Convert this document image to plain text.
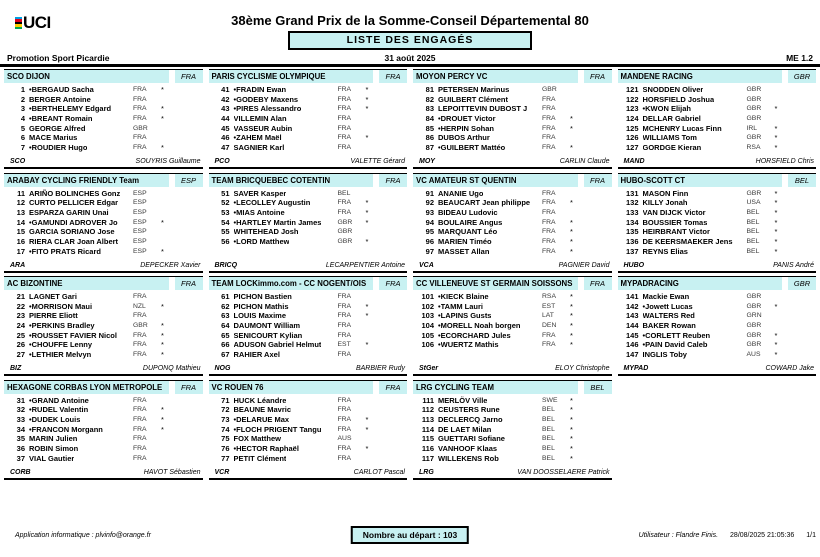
UCI	38ème Grand Prix de la Somme-Conseil Départemental 80
LISTE DES ENGAGÉS
Promotion Sport Picardie	31 août 2025	ME 1.2
SCO DIJON	FRA
1 • BERGAUD Sacha	FRA *
2 BERGER Antoine	FRA
3 • BERTHELEMY Edgard	FRA *
4 • BREANT Romain	FRA *
5 GEORGE Alfred	GBR
6 MACE Marius	FRA
7 • ROUDIER Hugo	FRA *
SCO	SOUYRIS Guillaume
ARABAY CYCLING FRIENDLY Team	ESP
11 ARIÑO BOLINCHES Gonz ESP
12 CURTO PELLICER Edgar ESP
13 ESPARZA GARIN Unai	ESP
14 • GAMUNDI ADROVER Jo ESP *
15 GARCIA SORIANO Jose	ESP
16 RIERA CLAR Joan Albert ESP
17 • FITO PRATS Ricard	ESP *
ARA	DEPECKER Xavier
AC BIZONTINE	FRA
21 LAGNET Gari	FRA
22 • MORRISON Maui	NZL *
23 PIERRE Eliott	FRA
24 • PERKINS Bradley	GBR *
25 • ROUSSET FAVIER Nicol FRA *
26 • CHOUFFE Lenny	FRA *
27 • LETHIER Melvyn	FRA *
BIZ	DUPONQ Mathieu
HEXAGONE CORBAS LYON METROPOLE	FRA
31 • GRAND Antoine	FRA
32 • RUDEL Valentin	FRA *
33 • DUDEK Louis	FRA *
34 • FRANCON Morgann	FRA *
35 MARIN Julien	FRA
36 ROBIN Simon	FRA
37 VIAL Gautier	FRA
CORB	HAVOT Sébastien
PARIS CYCLISME OLYMPIQUE	FRA
41 • FRADIN Ewan	FRA *
42 • GODEBY Maxens	FRA *
43 • PIRES Alessandro	FRA *
44 VILLEMIN Alan	FRA
45 VASSEUR Aubin	FRA
46 • ZAHEM Maël	FRA *
47 SAGNIER Karl	FRA
PCO	VALETTE Gérard
TEAM BRICQUEBEC COTENTIN	FRA
51 SAVER Kasper	BEL
52 • LECOLLEY Augustin	FRA *
53 • MIAS Antoine	FRA *
54 • HARTLEY Martin James GBR *
55 WHITEHEAD Josh	GBR
56 • LORD Matthew	GBR *
BRICQ	LECARPENTIER Antoine
TEAM LOCKimmo.com - CC NOGENT/OIS	FRA
61 PICHON Bastien	FRA
62 PICHON Mathis	FRA *
63 LOUIS Maxime	FRA *
64 DAUMONT William	FRA
65 SENICOURT Kylian	FRA
66 ADUSON Gabriel Helmut EST *
67 RAHIER Axel	FRA
NOG	BARBIER Rudy
VC ROUEN 76	FRA
71 HUCK Léandre	FRA
72 BEAUNE Mavric	FRA
73 • DELARUE Max	FRA *
74 • FLOCH PRIGENT Tangu FRA *
75 FOX Matthew	AUS
76 • HECTOR Raphaël	FRA *
77 PETIT Clément	FRA
VCR	CARLOT Pascal
MOYON PERCY VC	FRA
81 PETERSEN Marinus	GBR
82 GUILBERT Clément	FRA
83 LEPOITTEVIN DUBOST J FRA
84 • DROUET Victor	FRA *
85 • HERPIN Sohan	FRA *
86 DUBOS Arthur	FRA
87 • GUILBERT Mattéo	FRA *
MOY	CARLIN Claude
VC AMATEUR ST QUENTIN	FRA
91 ANANIE Ugo	FRA
92 BEAUCART Jean philippe FRA *
93 BIDEAU Ludovic	FRA
94 BOULAIRE Angus	FRA *
95 MARQUANT Léo	FRA *
96 MARIEN Timéo	FRA *
97 MASSET Allan	FRA *
VCA	PAGNIER David
CC VILLENEUVE ST GERMAIN SOISSONS	FRA
101 • KIECK Blaine	RSA *
102 • TAMM Lauri	EST *
103 • LAPINS Gusts	LAT *
104 • MORELL Noah borgen	DEN *
105 • ECORCHARD Jules	FRA *
106 • WUERTZ Mathis	FRA *
StGer	ELOY Christophe
LRG CYCLING TEAM	BEL
111 MERLÖV Ville	SWE *
112 CEUSTERS Rune	BEL *
113 DECLERCQ Jarno	BEL *
114 DE LAET Milan	BEL *
115 GUETTARI Sofiane	BEL *
116 VANHOOF Klaas	BEL *
117 WILLEKENS Rob	BEL *
LRG	VAN DOOSSELAERE Patrick
MANDENE RACING	GBR
121 SNODDEN Oliver	GBR
122 HORSFIELD Joshua	GBR
123 • KWON Elijah	GBR *
124 DELLAR Gabriel	GBR
125 MCHENRY Lucas Finn	IRL *
126 WILLIAMS Tom	GBR *
127 GORDGE Kieran	RSA *
MAND	HORSFIELD Chris
HUBO-SCOTT CT	BEL
131 MASON Finn	GBR *
132 KILLY Jonah	USA *
133 VAN DIJCK Victor	BEL *
134 BOUSSIER Tomas	BEL *
135 HEIRBRANT Victor	BEL *
136 DE KEERSMAEKER Jens BEL *
137 REYNS Elias	BEL *
HUBO	PANIS André
MYPADRACING	GBR
141 Mackie Ewan	GBR
142 • Jowett Lucas	GBR *
143 WALTERS Red	GRN
144 BAKER Rowan	GBR
145 • CORLETT Reuben	GBR *
146 • PAIN David Caleb	GBR *
147 INGLIS Toby	AUS *
MYPAD	COWARD Jake
Application informatique : plvinfo@orange.fr	Nombre au départ : 103	Utilisateur : Flandre Finis. 28/08/2025 21:05:36 1/1
